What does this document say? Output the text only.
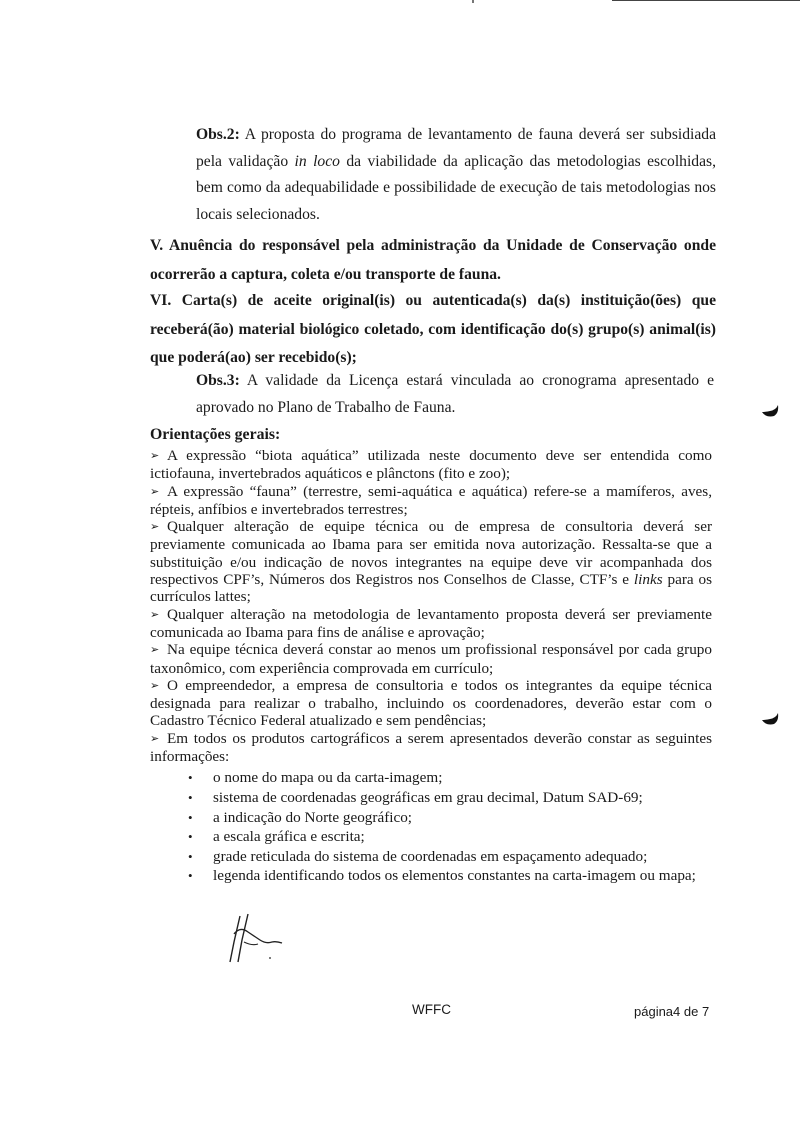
Obs.2: A proposta do programa de levantamento de fauna deverá ser subsidiada pela validação in loco da viabilidade da aplicação das metodologias escolhidas, bem como da adequabilidade e possibilidade de execução de tais metodologias nos locais selecionados.
V. Anuência do responsável pela administração da Unidade de Conservação onde ocorrerão a captura, coleta e/ou transporte de fauna.
VI. Carta(s) de aceite original(is) ou autenticada(s) da(s) instituição(ões) que receberá(ão) material biológico coletado, com identificação do(s) grupo(s) animal(is) que poderá(ao) ser recebido(s);
Obs.3: A validade da Licença estará vinculada ao cronograma apresentado e aprovado no Plano de Trabalho de Fauna.
Orientações gerais:
➢ A expressão “biota aquática” utilizada neste documento deve ser entendida como ictiofauna, invertebrados aquáticos e plânctons (fito e zoo);
➢ A expressão “fauna” (terrestre, semi-aquática e aquática) refere-se a mamíferos, aves, répteis, anfíbios e invertebrados terrestres;
➢ Qualquer alteração de equipe técnica ou de empresa de consultoria deverá ser previamente comunicada ao Ibama para ser emitida nova autorização. Ressalta-se que a substituição e/ou indicação de novos integrantes na equipe deve vir acompanhada dos respectivos CPF’s, Números dos Registros nos Conselhos de Classe, CTF’s e links para os currículos lattes;
➢ Qualquer alteração na metodologia de levantamento proposta deverá ser previamente comunicada ao Ibama para fins de análise e aprovação;
➢ Na equipe técnica deverá constar ao menos um profissional responsável por cada grupo taxonômico, com experiência comprovada em currículo;
➢ O empreendedor, a empresa de consultoria e todos os integrantes da equipe técnica designada para realizar o trabalho, incluindo os coordenadores, deverão estar com o Cadastro Técnico Federal atualizado e sem pendências;
➢ Em todos os produtos cartográficos a serem apresentados deverão constar as seguintes informações:
• o nome do mapa ou da carta-imagem;
• sistema de coordenadas geográficas em grau decimal, Datum SAD-69;
• a indicação do Norte geográfico;
• a escala gráfica e escrita;
• grade reticulada do sistema de coordenadas em espaçamento adequado;
• legenda identificando todos os elementos constantes na carta-imagem ou mapa;
WFFC	página4 de 7
